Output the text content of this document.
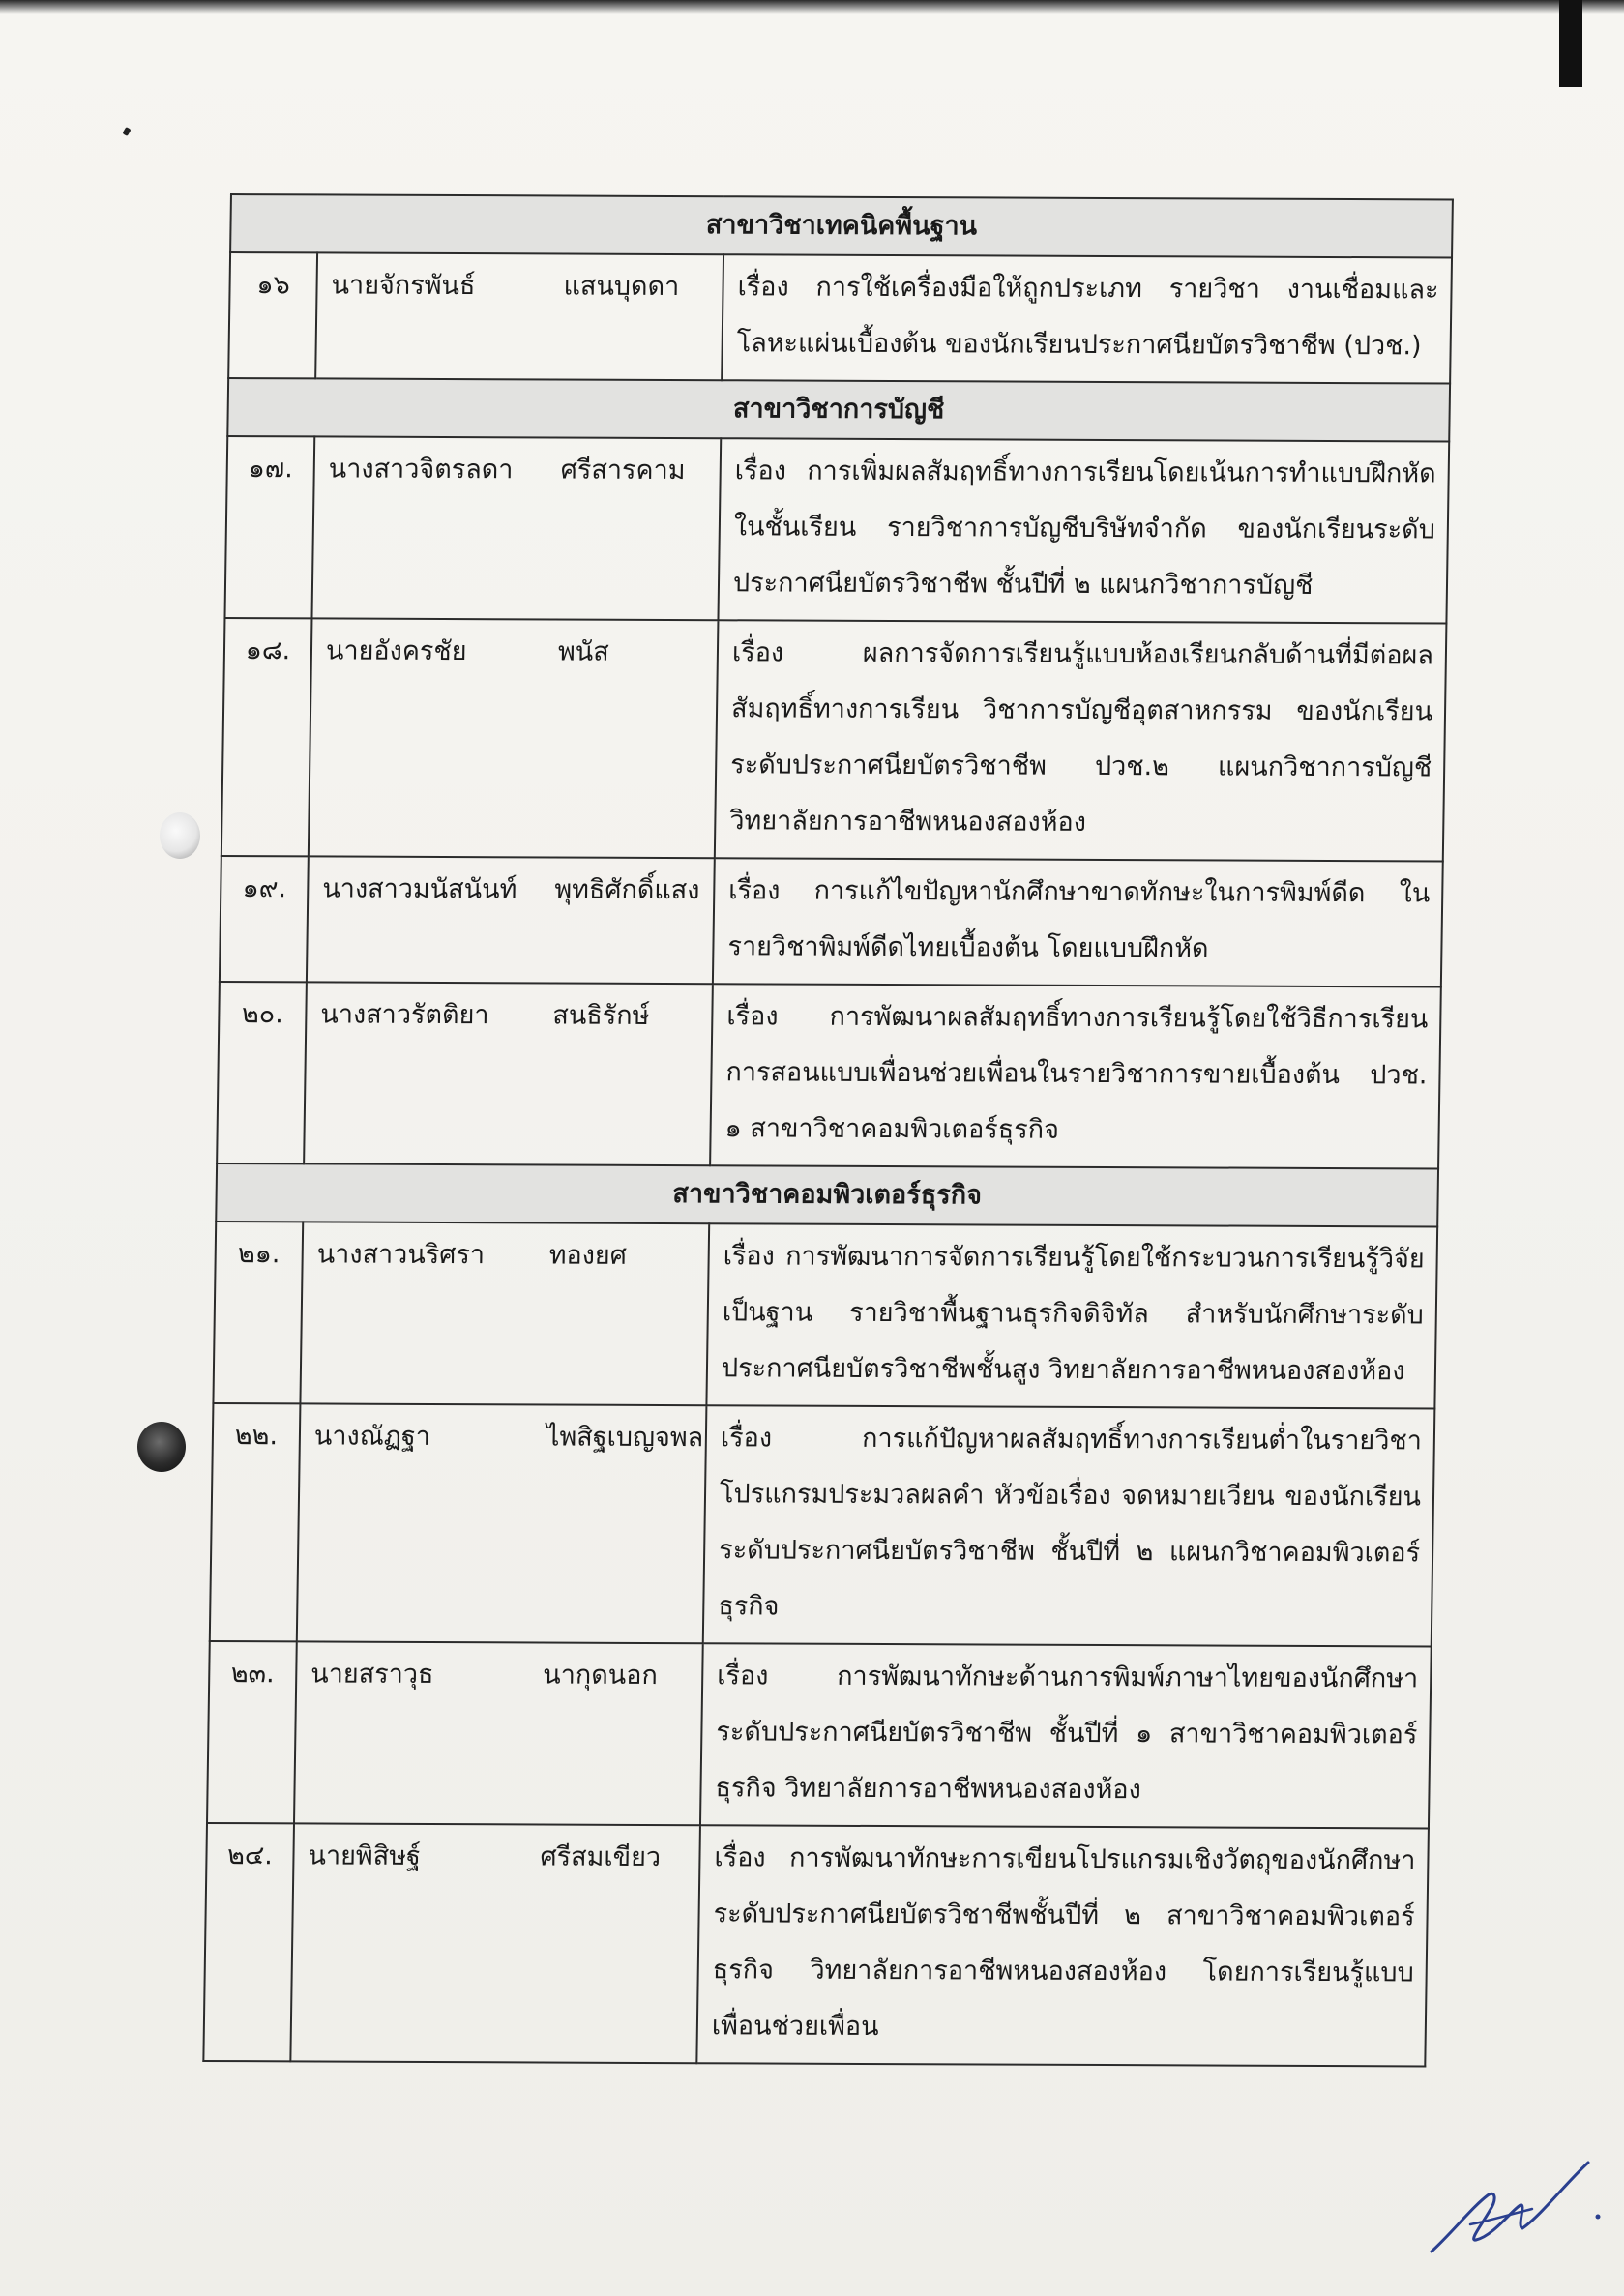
สาขาวิชาเทคนิคพื้นฐาน		
๑๖	นายจักรพันธ์ แสนบุดดา	เรื่อง การใช้เครื่องมือให้ถูกประเภท รายวิชา งานเชื่อมและโลหะแผ่นเบื้องต้น ของนักเรียนประกาศนียบัตรวิชาชีพ (ปวช.)
สาขาวิชาการบัญชี		
๑๗.	นางสาวจิตรลดา ศรีสารคาม	เรื่อง การเพิ่มผลสัมฤทธิ์ทางการเรียนโดยเน้นการทำแบบฝึกหัดในชั้นเรียน รายวิชาการบัญชีบริษัทจำกัด ของนักเรียนระดับประกาศนียบัตรวิชาชีพ ชั้นปีที่ ๒ แผนกวิชาการบัญชี
๑๘.	นายอังครชัย พนัส	เรื่อง ผลการจัดการเรียนรู้แบบห้องเรียนกลับด้านที่มีต่อผลสัมฤทธิ์ทางการเรียน วิชาการบัญชีอุตสาหกรรม ของนักเรียนระดับประกาศนียบัตรวิชาชีพ ปวช.๒ แผนกวิชาการบัญชี วิทยาลัยการอาชีพหนองสองห้อง
๑๙.	นางสาวมนัสนันท์ พุทธิศักดิ์แสง	เรื่อง การแก้ไขปัญหานักศึกษาขาดทักษะในการพิมพ์ดีด ในรายวิชาพิมพ์ดีดไทยเบื้องต้น โดยแบบฝึกหัด
๒๐.	นางสาวรัตติยา สนธิรักษ์	เรื่อง การพัฒนาผลสัมฤทธิ์ทางการเรียนรู้โดยใช้วิธีการเรียนการสอนแบบเพื่อนช่วยเพื่อนในรายวิชาการขายเบื้องต้น ปวช. ๑ สาขาวิชาคอมพิวเตอร์ธุรกิจ
สาขาวิชาคอมพิวเตอร์ธุรกิจ		
๒๑.	นางสาวนริศรา ทองยศ	เรื่อง การพัฒนาการจัดการเรียนรู้โดยใช้กระบวนการเรียนรู้วิจัยเป็นฐาน รายวิชาพื้นฐานธุรกิจดิจิทัล สำหรับนักศึกษาระดับประกาศนียบัตรวิชาชีพชั้นสูง วิทยาลัยการอาชีพหนองสองห้อง
๒๒.	นางณัฏฐา ไพสิฐเบญจพล	เรื่อง การแก้ปัญหาผลสัมฤทธิ์ทางการเรียนต่ำในรายวิชาโปรแกรมประมวลผลคำ หัวข้อเรื่อง จดหมายเวียน ของนักเรียนระดับประกาศนียบัตรวิชาชีพ ชั้นปีที่ ๒ แผนกวิชาคอมพิวเตอร์ธุรกิจ
๒๓.	นายสราวุธ นากุดนอก	เรื่อง การพัฒนาทักษะด้านการพิมพ์ภาษาไทยของนักศึกษาระดับประกาศนียบัตรวิชาชีพ ชั้นปีที่ ๑ สาขาวิชาคอมพิวเตอร์ธุรกิจ วิทยาลัยการอาชีพหนองสองห้อง
๒๔.	นายพิสิษฐ์ ศรีสมเขียว	เรื่อง การพัฒนาทักษะการเขียนโปรแกรมเชิงวัตถุของนักศึกษาระดับประกาศนียบัตรวิชาชีพชั้นปีที่ ๒ สาขาวิชาคอมพิวเตอร์ธุรกิจ วิทยาลัยการอาชีพหนองสองห้อง โดยการเรียนรู้แบบเพื่อนช่วยเพื่อน
